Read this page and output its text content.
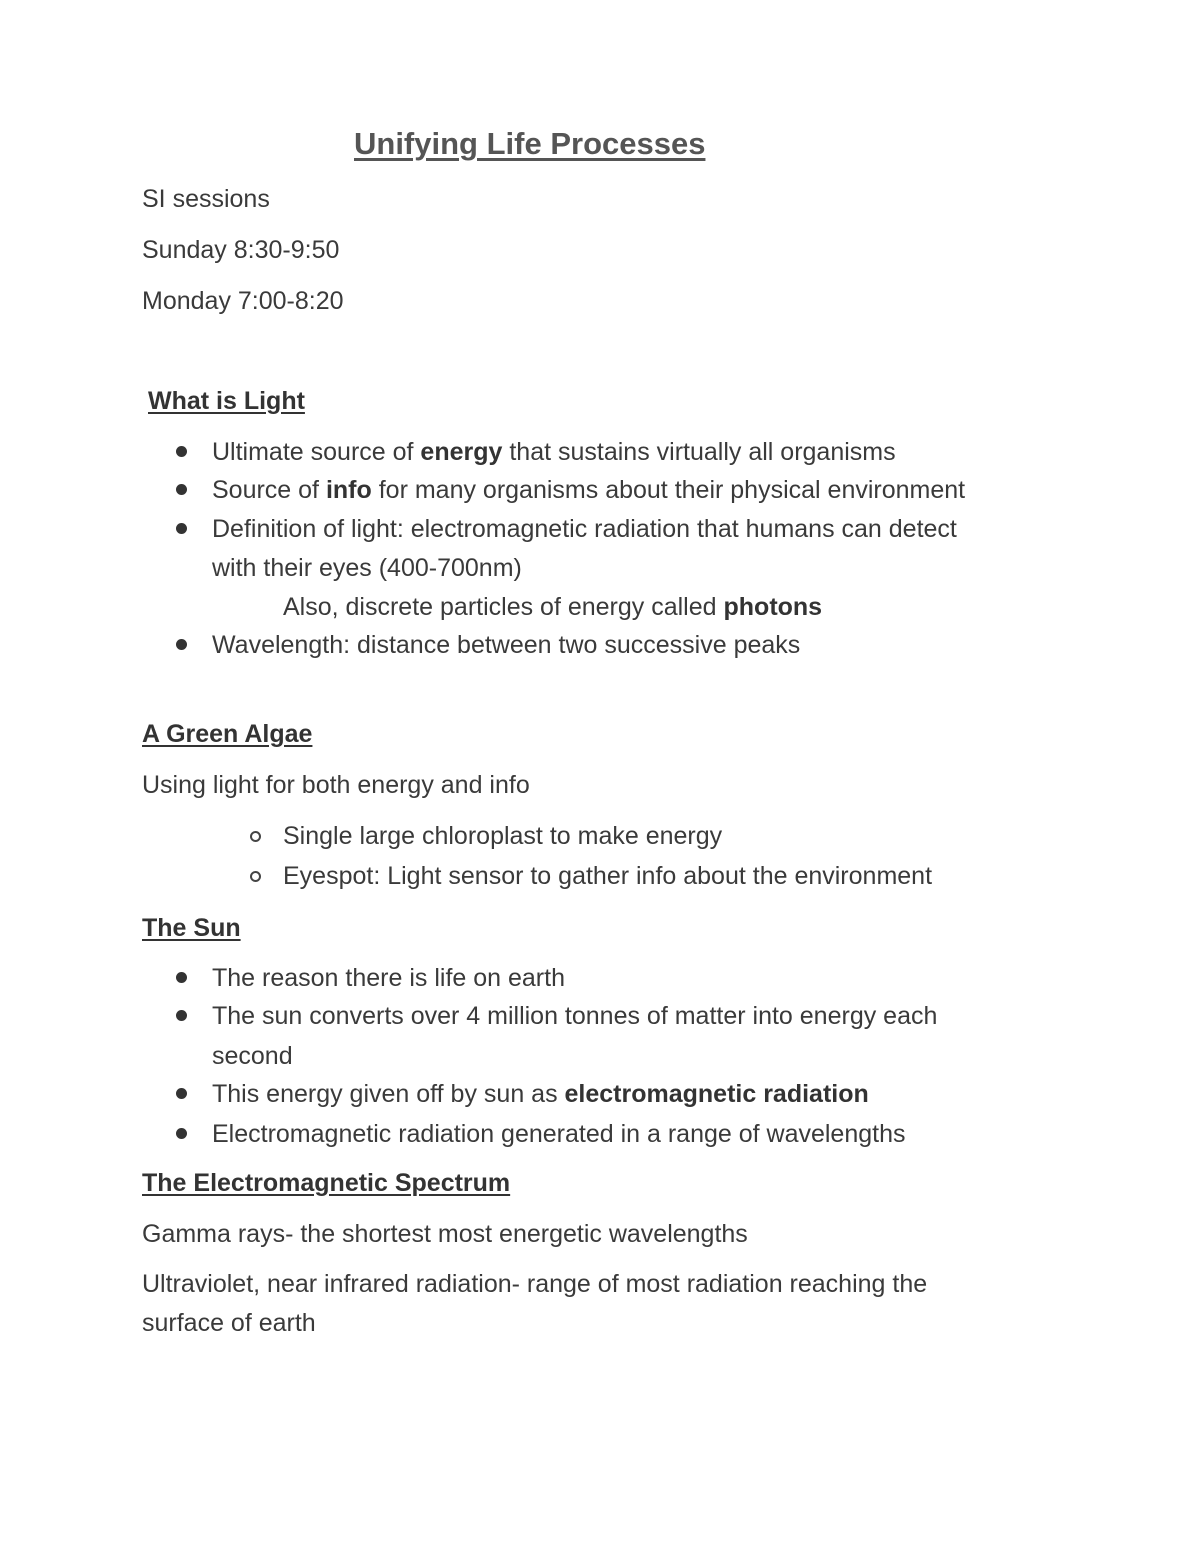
Unifying Life Processes
SI sessions
Sunday 8:30-9:50
Monday 7:00-8:20
What is Light
Ultimate source of energy that sustains virtually all organisms
Source of info for many organisms about their physical environment
Definition of light: electromagnetic radiation that humans can detect
with their eyes (400-700nm)
Also, discrete particles of energy called photons
Wavelength: distance between two successive peaks
A Green Algae
Using light for both energy and info
Single large chloroplast to make energy
Eyespot: Light sensor to gather info about the environment
The Sun
The reason there is life on earth
The sun converts over 4 million tonnes of matter into energy each
second
This energy given off by sun as electromagnetic radiation
Electromagnetic radiation generated in a range of wavelengths
The Electromagnetic Spectrum
Gamma rays- the shortest most energetic wavelengths
Ultraviolet, near infrared radiation- range of most radiation reaching the
surface of earth
